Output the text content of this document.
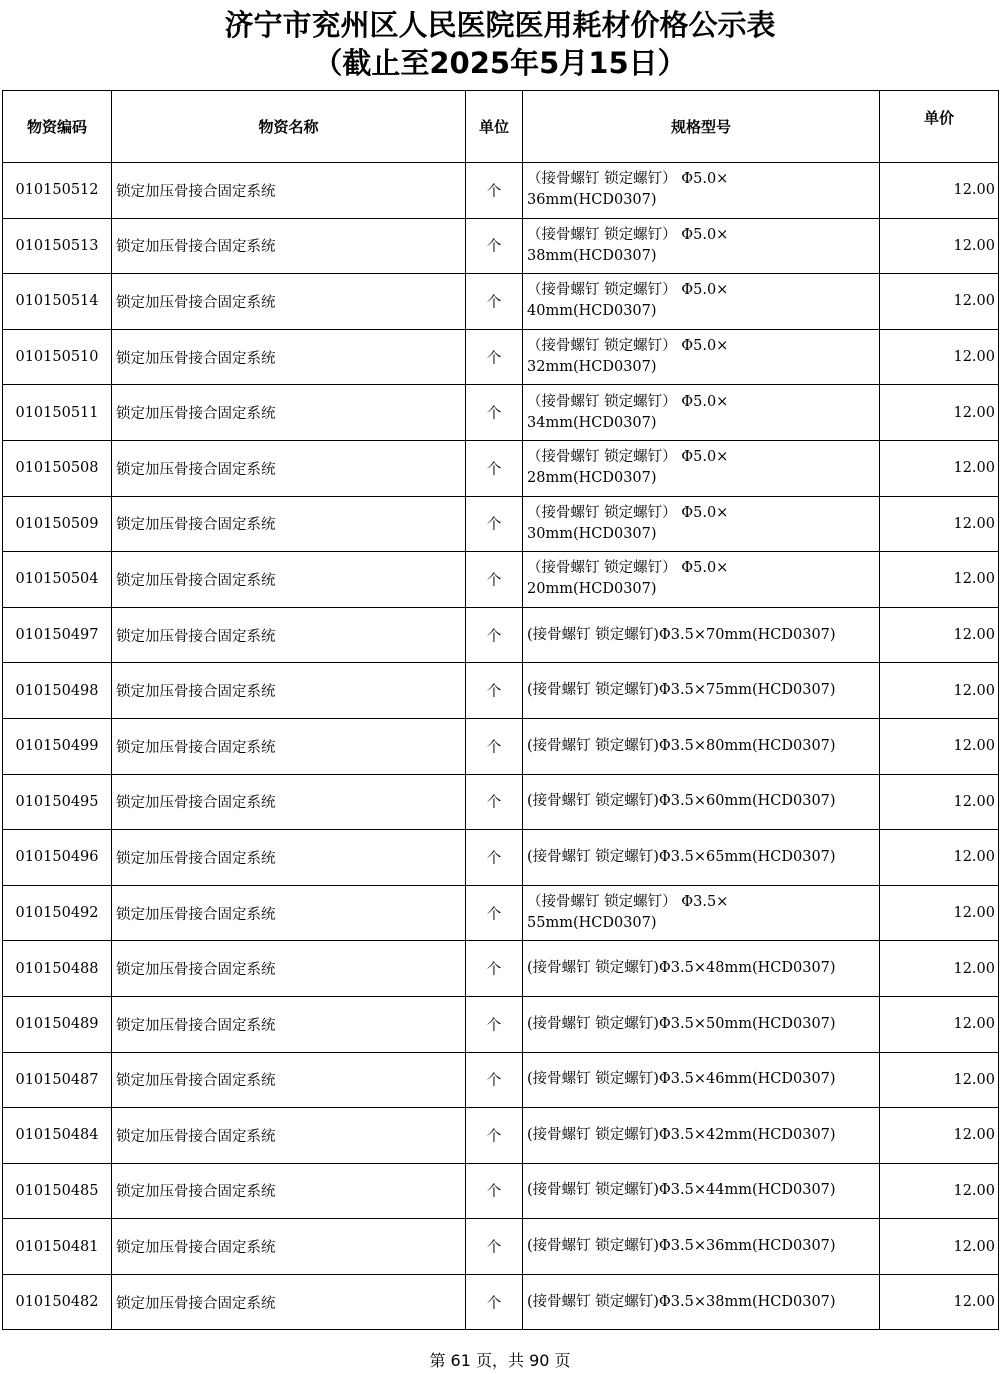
济宁市兖州区人民医院医用耗材价格公示表
（截止至2025年5月15日）
物资编码	物资名称	单位	规格型号	单价
010150512	锁定加压骨接合固定系统	个	（接骨螺钉 锁定螺钉） Φ5.0×
36mm(HCD0307)	12.00
010150513	锁定加压骨接合固定系统	个	（接骨螺钉 锁定螺钉） Φ5.0×
38mm(HCD0307)	12.00
010150514	锁定加压骨接合固定系统	个	（接骨螺钉 锁定螺钉） Φ5.0×
40mm(HCD0307)	12.00
010150510	锁定加压骨接合固定系统	个	（接骨螺钉 锁定螺钉） Φ5.0×
32mm(HCD0307)	12.00
010150511	锁定加压骨接合固定系统	个	（接骨螺钉 锁定螺钉） Φ5.0×
34mm(HCD0307)	12.00
010150508	锁定加压骨接合固定系统	个	（接骨螺钉 锁定螺钉） Φ5.0×
28mm(HCD0307)	12.00
010150509	锁定加压骨接合固定系统	个	（接骨螺钉 锁定螺钉） Φ5.0×
30mm(HCD0307)	12.00
010150504	锁定加压骨接合固定系统	个	（接骨螺钉 锁定螺钉） Φ5.0×
20mm(HCD0307)	12.00
010150497	锁定加压骨接合固定系统	个	(接骨螺钉 锁定螺钉)Φ3.5×70mm(HCD0307)	12.00
010150498	锁定加压骨接合固定系统	个	(接骨螺钉 锁定螺钉)Φ3.5×75mm(HCD0307)	12.00
010150499	锁定加压骨接合固定系统	个	(接骨螺钉 锁定螺钉)Φ3.5×80mm(HCD0307)	12.00
010150495	锁定加压骨接合固定系统	个	(接骨螺钉 锁定螺钉)Φ3.5×60mm(HCD0307)	12.00
010150496	锁定加压骨接合固定系统	个	(接骨螺钉 锁定螺钉)Φ3.5×65mm(HCD0307)	12.00
010150492	锁定加压骨接合固定系统	个	（接骨螺钉 锁定螺钉） Φ3.5×
55mm(HCD0307)	12.00
010150488	锁定加压骨接合固定系统	个	(接骨螺钉 锁定螺钉)Φ3.5×48mm(HCD0307)	12.00
010150489	锁定加压骨接合固定系统	个	(接骨螺钉 锁定螺钉)Φ3.5×50mm(HCD0307)	12.00
010150487	锁定加压骨接合固定系统	个	(接骨螺钉 锁定螺钉)Φ3.5×46mm(HCD0307)	12.00
010150484	锁定加压骨接合固定系统	个	(接骨螺钉 锁定螺钉)Φ3.5×42mm(HCD0307)	12.00
010150485	锁定加压骨接合固定系统	个	(接骨螺钉 锁定螺钉)Φ3.5×44mm(HCD0307)	12.00
010150481	锁定加压骨接合固定系统	个	(接骨螺钉 锁定螺钉)Φ3.5×36mm(HCD0307)	12.00
010150482	锁定加压骨接合固定系统	个	(接骨螺钉 锁定螺钉)Φ3.5×38mm(HCD0307)	12.00
第 61 页，共 90 页
